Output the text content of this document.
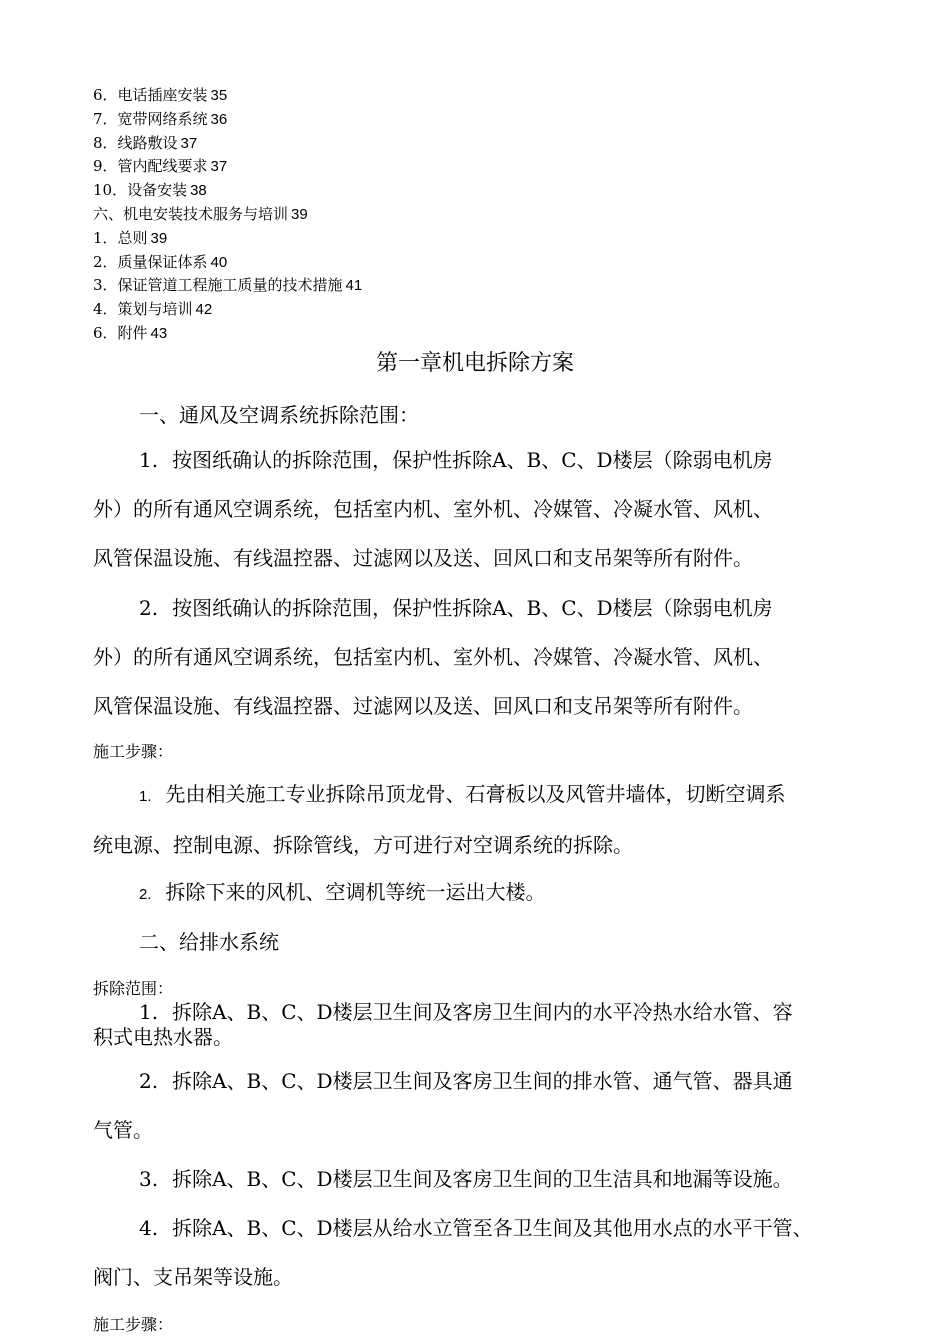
6．电话插座安装 35
7．宽带网络系统 36
8．线路敷设 37
9．管内配线要求 37
10．设备安装 38
六、机电安装技术服务与培训 39
1．总则 39
2．质量保证体系 40
3．保证管道工程施工质量的技术措施 41
4．策划与培训 42
6．附件 43
第一章机电拆除方案
一、通风及空调系统拆除范围：
1. 按图纸确认的拆除范围，保护性拆除A、B、C、D楼层（除弱电机房
外）的所有通风空调系统，包括室内机、室外机、冷媒管、冷凝水管、风机、
风管保温设施、有线温控器、过滤网以及送、回风口和支吊架等所有附件。
2. 按图纸确认的拆除范围，保护性拆除A、B、C、D楼层（除弱电机房
外）的所有通风空调系统，包括室内机、室外机、冷媒管、冷凝水管、风机、
风管保温设施、有线温控器、过滤网以及送、回风口和支吊架等所有附件。
施工步骤：
1. 先由相关施工专业拆除吊顶龙骨、石膏板以及风管井墙体，切断空调系
统电源、控制电源、拆除管线，方可进行对空调系统的拆除。
2. 拆除下来的风机、空调机等统一运出大楼。
二、给排水系统
拆除范围：
1. 拆除A、B、C、D楼层卫生间及客房卫生间内的水平冷热水给水管、容
积式电热水器。
2. 拆除A、B、C、D楼层卫生间及客房卫生间的排水管、通气管、器具通
气管。
3. 拆除A、B、C、D楼层卫生间及客房卫生间的卫生洁具和地漏等设施。
4. 拆除A、B、C、D楼层从给水立管至各卫生间及其他用水点的水平干管、
阀门、支吊架等设施。
施工步骤：
